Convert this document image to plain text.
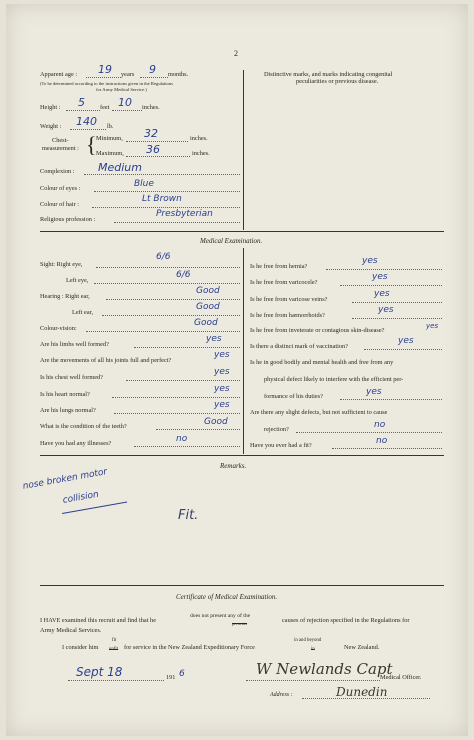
2
Apparent age : 19 years 9 months.
(To be determined according to the instructions given in the Regulations
for Army Medical Service.)
Height : 5 feet 10 inches.
Weight : 140 lb.
Chest-
measurement : { Minimum, 32	inches.
Maximum, 36	inches.
Complexion : Medium
Colour of eyes :	Blue
Colour of hair :
Lt Brown
Religious profession :
Presbyterian
Distinctive marks, and marks indicating congenital
peculiarities or previous disease.
Medical Examination.
Sight: Right eye,
6/6
Left eye,
6/6
Hearing : Right ear,
Good
Left ear,
Good
Colour-vision:
Good
Are his limbs well formed?
yes
Are the movements of all his joints full and perfect?
yes
Is his chest well formed?
yes
Is his heart normal?
yes
Are his lungs normal?
yes
What is the condition of the teeth?	Good
Have you had any illnesses?	no
Is he free from hernia?
yes
Is he free from varicocele?
yes
Is he free from varicose veins?
yes
Is he free from hæmorrhoids?
yes
Is he free from inveterate or contagious skin-disease?
yes
Is there a distinct mark of vaccination?
yes
Is he in good bodily and mental health and free from any
physical defect likely to interfere with the efficient per-
formance of his duties?	yes
Are there any slight defects, but not sufficient to cause
rejection?	no
Have you ever had a fit?	no
Remarks.
nose broken motor
collision
Fit.
Certificate of Medical Examination.
I HAVE examined this recruit and find that he
does not present any of the
presents	causes of rejection specified in the Regulations for
Army Medical Services.
I consider him
fit
unfit for service in the New Zealand Expeditionary Force
in and beyond
in	New Zealand.
Sept 18	191 6	W Newlands Capt
Medical Officer.
Address :	Dunedin
